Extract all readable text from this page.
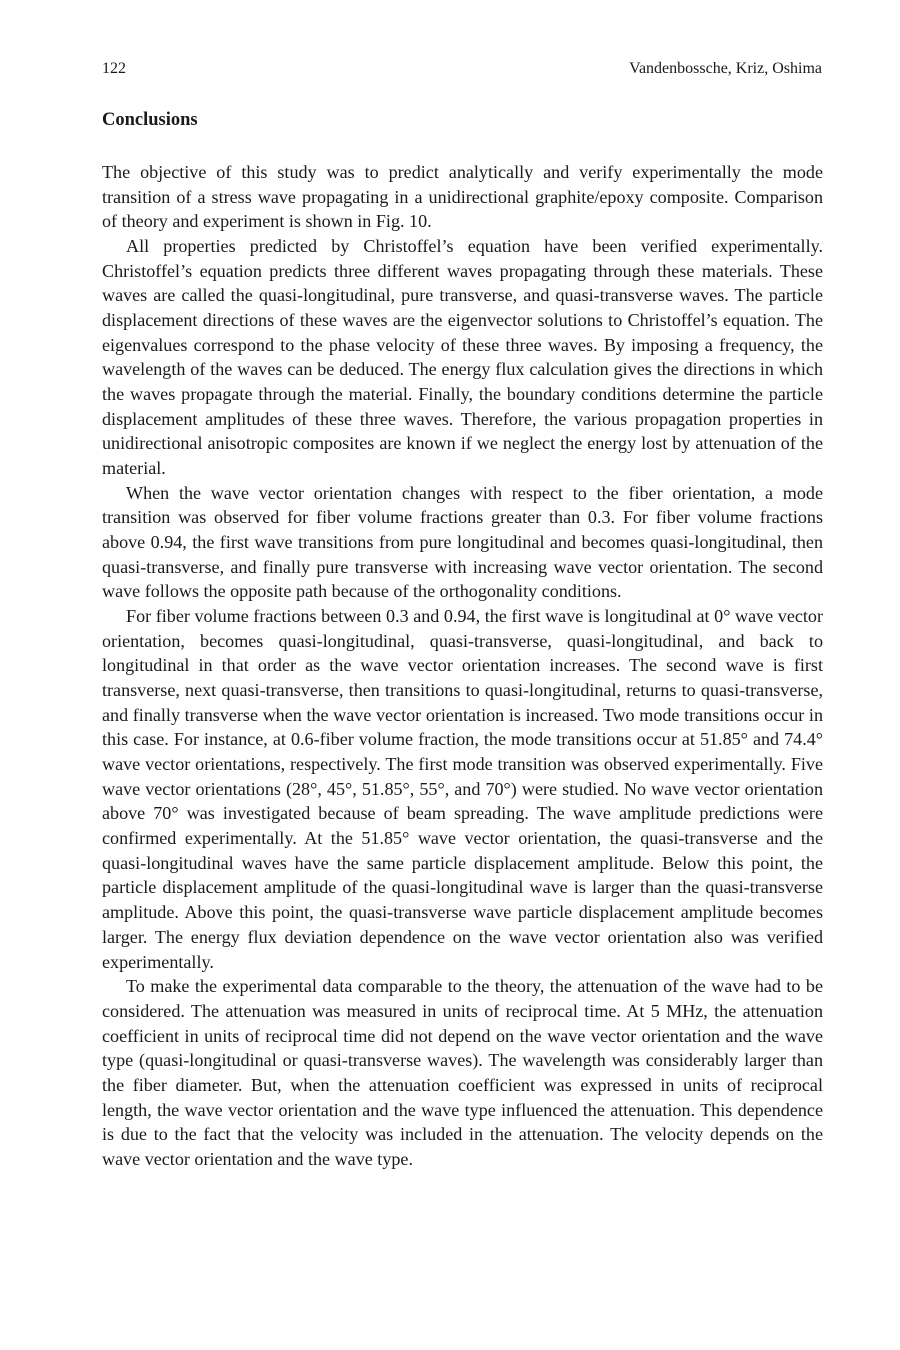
122	Vandenbossche, Kriz, Oshima
Conclusions

The objective of this study was to predict analytically and verify experimentally the mode transition of a stress wave propagating in a unidirectional graphite/epoxy composite. Comparison of theory and experiment is shown in Fig. 10.

All properties predicted by Christoffel’s equation have been verified experimentally. Christoffel’s equation predicts three different waves propagating through these materials. These waves are called the quasi-longitudinal, pure transverse, and quasi-transverse waves. The particle displacement directions of these waves are the eigenvector solutions to Christoffel’s equation. The eigenvalues correspond to the phase velocity of these three waves. By imposing a frequency, the wavelength of the waves can be deduced. The energy flux calculation gives the directions in which the waves propagate through the material. Finally, the boundary conditions determine the particle displacement amplitudes of these three waves. Therefore, the various propagation properties in unidirectional anisotropic composites are known if we neglect the energy lost by attenuation of the material.

When the wave vector orientation changes with respect to the fiber orientation, a mode transition was observed for fiber volume fractions greater than 0.3. For fiber volume fractions above 0.94, the first wave transitions from pure longitudinal and becomes quasi-longitudinal, then quasi-transverse, and finally pure transverse with increasing wave vector orientation. The second wave follows the opposite path because of the orthogonality conditions.

For fiber volume fractions between 0.3 and 0.94, the first wave is longitudinal at 0° wave vector orientation, becomes quasi-longitudinal, quasi-transverse, quasi-longitudinal, and back to longitudinal in that order as the wave vector orientation increases. The second wave is first transverse, next quasi-transverse, then transitions to quasi-longitudinal, returns to quasi-transverse, and finally transverse when the wave vector orientation is increased. Two mode transitions occur in this case. For instance, at 0.6-fiber volume fraction, the mode transitions occur at 51.85° and 74.4° wave vector orientations, respectively. The first mode transition was observed experimentally. Five wave vector orientations (28°, 45°, 51.85°, 55°, and 70°) were studied. No wave vector orientation above 70° was investigated because of beam spreading. The wave amplitude predictions were confirmed experimentally. At the 51.85° wave vector orientation, the quasi-transverse and the quasi-longitudinal waves have the same particle displacement amplitude. Below this point, the particle displacement amplitude of the quasi-longitudinal wave is larger than the quasi-transverse amplitude. Above this point, the quasi-transverse wave particle displacement amplitude becomes larger. The energy flux deviation dependence on the wave vector orientation also was verified experimentally.

To make the experimental data comparable to the theory, the attenuation of the wave had to be considered. The attenuation was measured in units of reciprocal time. At 5 MHz, the attenuation coefficient in units of reciprocal time did not depend on the wave vector orientation and the wave type (quasi-longitudinal or quasi-transverse waves). The wavelength was considerably larger than the fiber diameter. But, when the attenuation coefficient was expressed in units of reciprocal length, the wave vector orientation and the wave type influenced the attenuation. This dependence is due to the fact that the velocity was included in the attenuation. The velocity depends on the wave vector orientation and the wave type.
